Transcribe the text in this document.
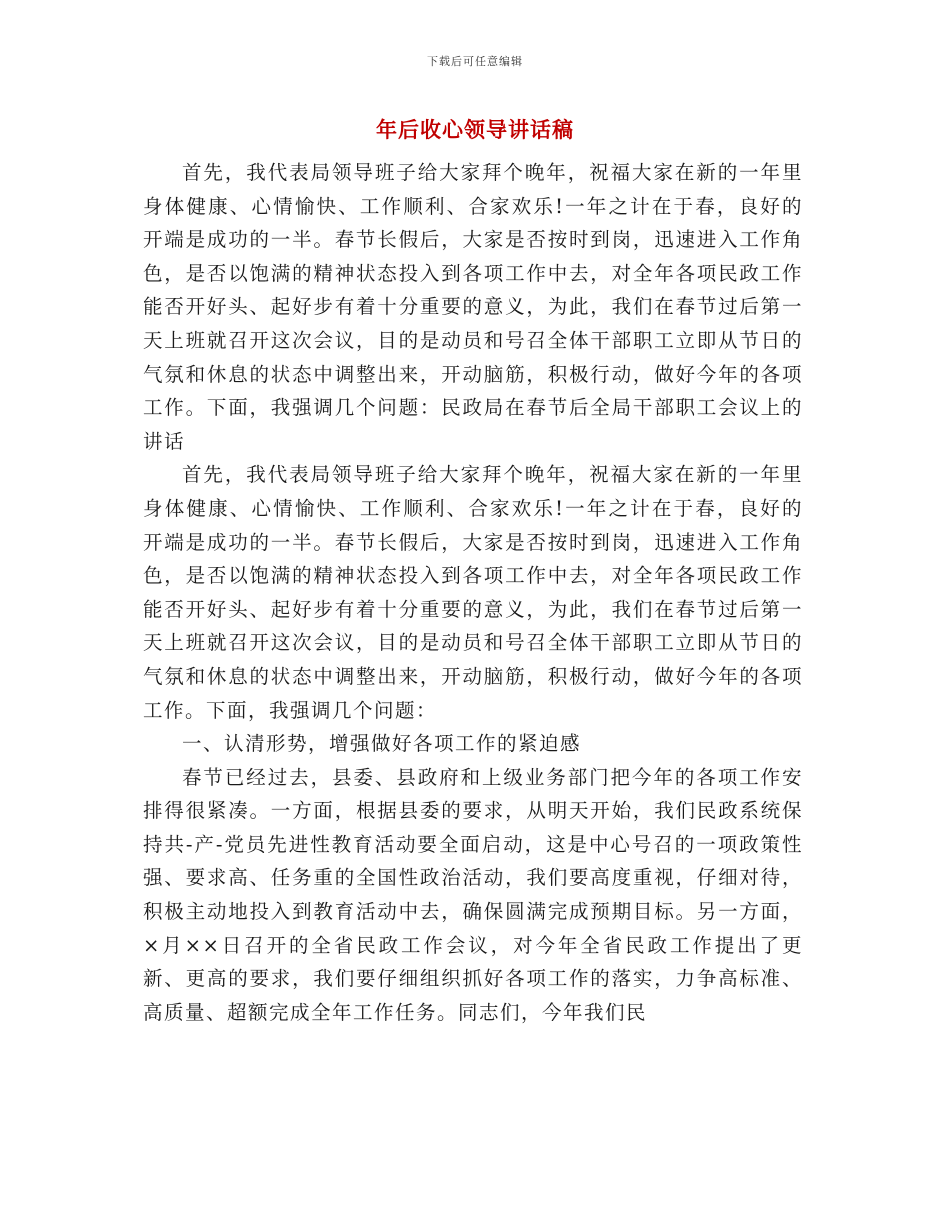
下载后可任意编辑
年后收心领导讲话稿

首先，我代表局领导班子给大家拜个晚年，祝福大家在新的一年里身体健康、心情愉快、工作顺利、合家欢乐!一年之计在于春，良好的开端是成功的一半。春节长假后，大家是否按时到岗，迅速进入工作角色，是否以饱满的精神状态投入到各项工作中去，对全年各项民政工作能否开好头、起好步有着十分重要的意义，为此，我们在春节过后第一天上班就召开这次会议，目的是动员和号召全体干部职工立即从节日的气氛和休息的状态中调整出来，开动脑筋，积极行动，做好今年的各项工作。下面，我强调几个问题：民政局在春节后全局干部职工会议上的讲话

首先，我代表局领导班子给大家拜个晚年，祝福大家在新的一年里身体健康、心情愉快、工作顺利、合家欢乐!一年之计在于春，良好的开端是成功的一半。春节长假后，大家是否按时到岗，迅速进入工作角色，是否以饱满的精神状态投入到各项工作中去，对全年各项民政工作能否开好头、起好步有着十分重要的意义，为此，我们在春节过后第一天上班就召开这次会议，目的是动员和号召全体干部职工立即从节日的气氛和休息的状态中调整出来，开动脑筋，积极行动，做好今年的各项工作。下面，我强调几个问题：

一、认清形势，增强做好各项工作的紧迫感

春节已经过去，县委、县政府和上级业务部门把今年的各项工作安排得很紧凑。一方面，根据县委的要求，从明天开始，我们民政系统保持共-产-党员先进性教育活动要全面启动，这是中心号召的一项政策性强、要求高、任务重的全国性政治活动，我们要高度重视，仔细对待，积极主动地投入到教育活动中去，确保圆满完成预期目标。另一方面，×月××日召开的全省民政工作会议，对今年全省民政工作提出了更新、更高的要求，我们要仔细组织抓好各项工作的落实，力争高标准、高质量、超额完成全年工作任务。同志们，今年我们民
